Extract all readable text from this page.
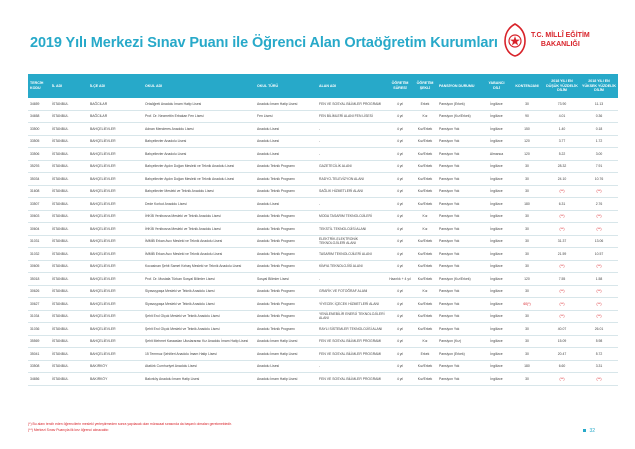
2019 Yılı Merkezi Sınav Puanı ile Öğrenci Alan Ortaöğretim Kurumları	T.C. MİLLÎ EĞİTİM
BAKANLIĞI
TERCİH KODU	İL ADI	İLÇE ADI	OKUL ADI	OKUL TÜRÜ	ALAN ADI	ÖĞRETİM SÜRESİ	ÖĞRETİM ŞEKLİ	PANSİYON DURUMU	YABANCI DİLİ	KONTENJANI	2018 YILI EN DÜŞÜK YÜZDELİK DİLİM	2018 YILI EN YÜKSEK YÜZDELİK DİLİM
34659	İSTANBUL	BAĞCILAR	Ortaöğreti Anadolu İmam Hatip Lisesi	Anadolu İmam Hatip Lisesi	FEN VE SOSYAL BİLİMLER PROGRAMI	4 yıl	Erkek	Pansiyon (Erkek)	İngilizce	30	73.90	11.13
34658	İSTANBUL	BAĞCILAR	Prof. Dr. Necmettin Erbakan Fen Lisesi	Fen Lisesi	FEN BİLİMLERİ ALANI FEN LİSESİ	4 yıl	Kız	Pansiyon (Kız/Erkek)	İngilizce	90	4.01	0.36
33500	İSTANBUL	BAHÇELİEVLER	Adnan Menderes Anadolu Lisesi	Anadolu Lisesi	-	4 yıl	Kız/Erkek	Pansiyon Yok	İngilizce	150	1.40	0.18
33505	İSTANBUL	BAHÇELİEVLER	Bahçelievler Anadolu Lisesi	Anadolu Lisesi	-	4 yıl	Kız/Erkek	Pansiyon Yok	İngilizce	120	3.77	1.72
33506	İSTANBUL	BAHÇELİEVLER	Bahçelievler Anadolu Lisesi	Anadolu Lisesi	-	4 yıl	Kız/Erkek	Pansiyon Yok	Almanca	120	5.22	3.00
35293	İSTANBUL	BAHÇELİEVLER	Bahçelievler Aydın Doğan Mesleki ve Teknik Anadolu Lisesi	Anadolu Teknik Programı	GAZETECİLİK ALANI	4 yıl	Kız/Erkek	Pansiyon Yok	İngilizce	30	28.32	7.91
35034	İSTANBUL	BAHÇELİEVLER	Bahçelievler Aydın Doğan Mesleki ve Teknik Anadolu Lisesi	Anadolu Teknik Programı	RADYO-TELEVİZYON ALANI	4 yıl	Kız/Erkek	Pansiyon Yok	İngilizce	30	24.10	10.76
31608	İSTANBUL	BAHÇELİEVLER	Bahçelievler Mesleki ve Teknik Anadolu Lisesi	Anadolu Teknik Programı	SAĞLIK HİZMETLERİ ALANI	4 yıl	Kız/Erkek	Pansiyon Yok	İngilizce	30	(**)	(**)
33507	İSTANBUL	BAHÇELİEVLER	Dede Korkut Anadolu Lisesi	Anadolu Lisesi	-	4 yıl	Kız/Erkek	Pansiyon Yok	İngilizce	180	6.31	2.76
30603	İSTANBUL	BAHÇELİEVLER	İHKİB Yenibosna Mesleki ve Teknik Anadolu Lisesi	Anadolu Teknik Programı	MODA TASARIM TEKNOLOJİLERİ	4 yıl	Kız	Pansiyon Yok	İngilizce	30	(**)	(**)
30604	İSTANBUL	BAHÇELİEVLER	İHKİB Yenibosna Mesleki ve Teknik Anadolu Lisesi	Anadolu Teknik Programı	TEKSTİL TEKNOLOJİSİ ALANI	4 yıl	Kız	Pansiyon Yok	İngilizce	30	(**)	(**)
31031	İSTANBUL	BAHÇELİEVLER	İMMİB Erkan Avcı Mesleki ve Teknik Anadolu Lisesi	Anadolu Teknik Programı	ELEKTRİK-ELEKTRONİK TEKNOLOJİLERİ ALANI	4 yıl	Kız/Erkek	Pansiyon Yok	İngilizce	30	31.37	13.06
31032	İSTANBUL	BAHÇELİEVLER	İMMİB Erkan Avcı Mesleki ve Teknik Anadolu Lisesi	Anadolu Teknik Programı	TASARIM TEKNOLOJİLERİ ALANI	4 yıl	Kız/Erkek	Pansiyon Yok	İngilizce	30	21.59	10.57
30605	İSTANBUL	BAHÇELİEVLER	Kocasinan Şehit Samet Kırbaş Mesleki ve Teknik Anadolu Lisesi	Anadolu Teknik Programı	KİMYA TEKNOLOJİSİ ALANI	4 yıl	Kız/Erkek	Pansiyon Yok	İngilizce	30	(**)	(**)
35018	İSTANBUL	BAHÇELİEVLER	Prof. Dr. Mustafa Türkan Sosyal Bilimler Lisesi	Sosyal Bilimler Lisesi	-	Hazırlık + 4 yıl	Kız/Erkek	Pansiyon (Kız/Erkek)	İngilizce	120	7.55	1.58
30626	İSTANBUL	BAHÇELİEVLER	Siyavuşpaşa Mesleki ve Teknik Anadolu Lisesi	Anadolu Teknik Programı	GRAFİK VE FOTOĞRAF ALANI	4 yıl	Kız	Pansiyon Yok	İngilizce	30	(**)	(**)
30627	İSTANBUL	BAHÇELİEVLER	Siyavuşpaşa Mesleki ve Teknik Anadolu Lisesi	Anadolu Teknik Programı	YİYECEK İÇECEK HİZMETLERİ ALANI	4 yıl	Kız/Erkek	Pansiyon Yok	İngilizce	60(*)	(**)	(**)
31034	İSTANBUL	BAHÇELİEVLER	Şehit Erol Olçok Mesleki ve Teknik Anadolu Lisesi	Anadolu Teknik Programı	YENİLENEBİLİR ENERJİ TEKNOLOJİLERİ ALANI	4 yıl	Kız/Erkek	Pansiyon Yok	İngilizce	30	(**)	(**)
31036	İSTANBUL	BAHÇELİEVLER	Şehit Erol Olçok Mesleki ve Teknik Anadolu Lisesi	Anadolu Teknik Programı	RAYLI SİSTEMLER TEKNOLOJİSİ ALANI	4 yıl	Kız/Erkek	Pansiyon Yok	İngilizce	30	40.07	26.01
35569	İSTANBUL	BAHÇELİEVLER	Şehit Mehmet Karaaslan Uluslararası Kız Anadolu İmam Hatip Lisesi	Anadolu İmam Hatip Lisesi	FEN VE SOSYAL BİLİMLER PROGRAMI	4 yıl	Kız	Pansiyon (Kız)	İngilizce	30	15.09	5.98
35041	İSTANBUL	BAHÇELİEVLER	15 Temmuz Şehitleri Anadolu İmam Hatip Lisesi	Anadolu İmam Hatip Lisesi	FEN VE SOSYAL BİLİMLER PROGRAMI	4 yıl	Erkek	Pansiyon (Erkek)	İngilizce	30	20.47	5.72
33508	İSTANBUL	BAKIRKÖY	Atatürk Cumhuriyet Anadolu Lisesi	Anadolu Lisesi	-	4 yıl	Kız/Erkek	Pansiyon Yok	İngilizce	180	6.60	3.31
34656	İSTANBUL	BAKIRKÖY	Bakırköy Anadolu İmam Hatip Lisesi	Anadolu İmam Hatip Lisesi	FEN VE SOSYAL BİLİMLER PROGRAMI	4 yıl	Kız/Erkek	Pansiyon Yok	İngilizce	30	(**)	(**)
(*) Bu alanı tercih eden öğrencilerin meslekî yerleştirmeden sonra yapılacak olan müracaat sırasında da başarılı olmaları gerekmektedir.
(**) Merkezi Sınav Puanıyla ilk kez öğrenci alınacaktır.	32
